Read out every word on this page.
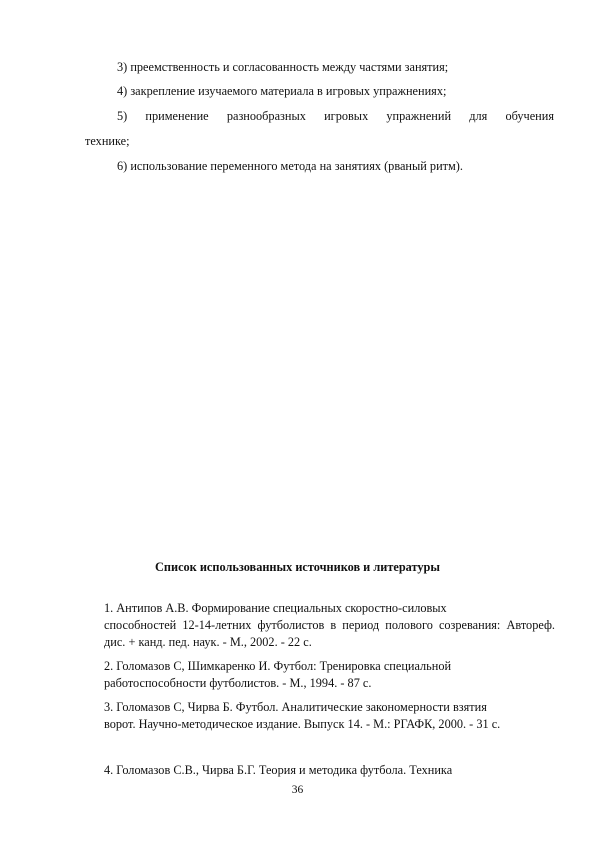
3) преемственность и согласованность между частями занятия;

4) закрепление изучаемого материала в игровых упражнениях;

5) применение разнообразных игровых упражнений для обучения

технике;

6) использование переменного метода на занятиях (рваный ритм).

Список использованных источников и литературы

1. Антипов А.В. Формирование специальных скоростно-силовых
способностей 12-14-летних футболистов в период полового созревания: Автореф. дис. + канд. пед. наук. - М., 2002. - 22 с.
2. Голомазов С, Шимкаренко И. Футбол: Тренировка специальной
работоспособности футболистов. - М., 1994. - 87 с.
3. Голомазов С, Чирва Б. Футбол. Аналитические закономерности взятия
ворот. Научно-методическое издание. Выпуск 14. - М.: РГАФК, 2000. - 31 с.
4. Голомазов С.В., Чирва Б.Г. Теория и методика футбола. Техника

36
